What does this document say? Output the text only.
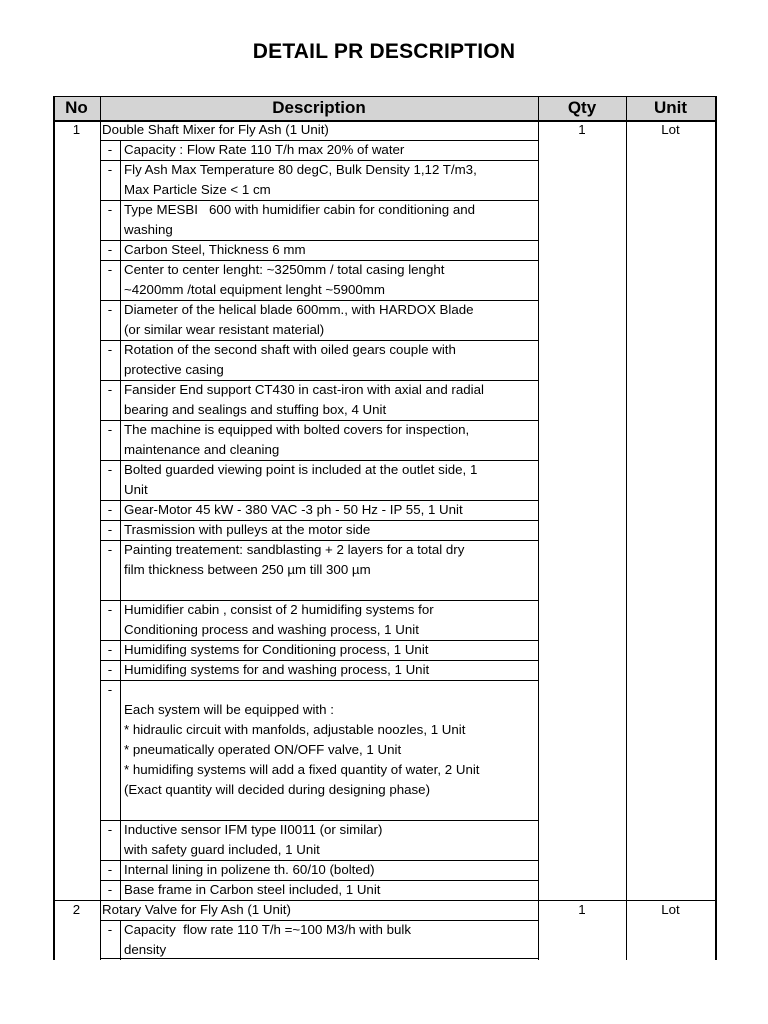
DETAIL PR DESCRIPTION
No	Description	Qty	Unit
1	Double Shaft Mixer for Fly Ash (1 Unit)	1	Lot
- Capacity : Flow Rate 110 T/h max 20% of water
- Fly Ash Max Temperature 80 degC, Bulk Density 1,12 T/m3,
Max Particle Size < 1 cm
- Type MESBI   600 with humidifier cabin for conditioning and
washing
- Carbon Steel, Thickness 6 mm
- Center to center lenght: ~3250mm / total casing lenght
~4200mm /total equipment lenght ~5900mm
- Diameter of the helical blade 600mm., with HARDOX Blade
(or similar wear resistant material)
- Rotation of the second shaft with oiled gears couple with
protective casing
- Fansider End support CT430 in cast-iron with axial and radial
bearing and sealings and stuffing box, 4 Unit
- The machine is equipped with bolted covers for inspection,
maintenance and cleaning
- Bolted guarded viewing point is included at the outlet side, 1
Unit
- Gear-Motor 45 kW - 380 VAC -3 ph - 50 Hz - IP 55, 1 Unit
- Trasmission with pulleys at the motor side
- Painting treatement: sandblasting + 2 layers for a total dry
film thickness between 250 µm till 300 µm
- Humidifier cabin , consist of 2 humidifing systems for
Conditioning process and washing process, 1 Unit
- Humidifing systems for Conditioning process, 1 Unit
- Humidifing systems for and washing process, 1 Unit
-
Each system will be equipped with :
* hidraulic circuit with manfolds, adjustable noozles, 1 Unit
* pneumatically operated ON/OFF valve, 1 Unit
* humidifing systems will add a fixed quantity of water, 2 Unit
(Exact quantity will decided during designing phase)
- Inductive sensor IFM type II0011 (or similar)
with safety guard included, 1 Unit
- Internal lining in polizene th. 60/10 (bolted)
- Base frame in Carbon steel included, 1 Unit
2	Rotary Valve for Fly Ash (1 Unit)	1	Lot
- Capacity  flow rate 110 T/h =~100 M3/h with bulk
density
